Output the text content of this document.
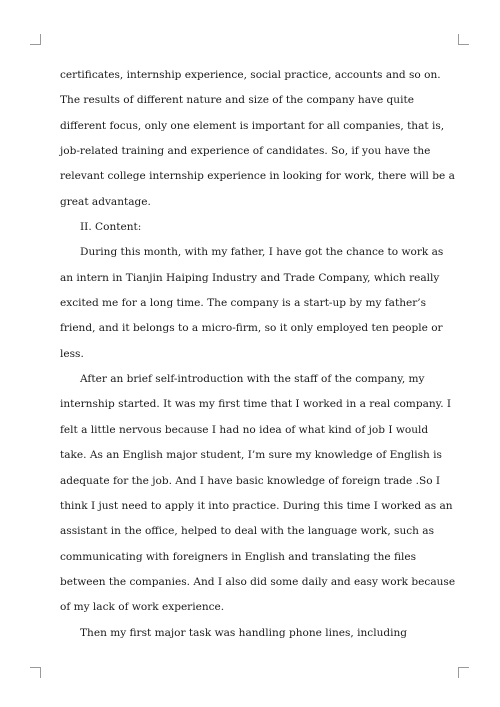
certificates, internship experience, social practice, accounts and so on.
The results of different nature and size of the company have quite
different focus, only one element is important for all companies, that is,
job-related training and experience of candidates. So, if you have the
relevant college internship experience in looking for work, there will be a
great advantage.
II. Content:
During this month, with my father, I have got the chance to work as
an intern in Tianjin Haiping Industry and Trade Company, which really
excited me for a long time. The company is a start-up by my father’s
friend, and it belongs to a micro-firm, so it only employed ten people or
less.
After an brief self-introduction with the staff of the company, my
internship started. It was my first time that I worked in a real company. I
felt a little nervous because I had no idea of what kind of job I would
take. As an English major student, I’m sure my knowledge of English is
adequate for the job. And I have basic knowledge of foreign trade .So I
think I just need to apply it into practice. During this time I worked as an
assistant in the office, helped to deal with the language work, such as
communicating with foreigners in English and translating the files
between the companies. And I also did some daily and easy work because
of my lack of work experience.
Then my first major task was handling phone lines, including
